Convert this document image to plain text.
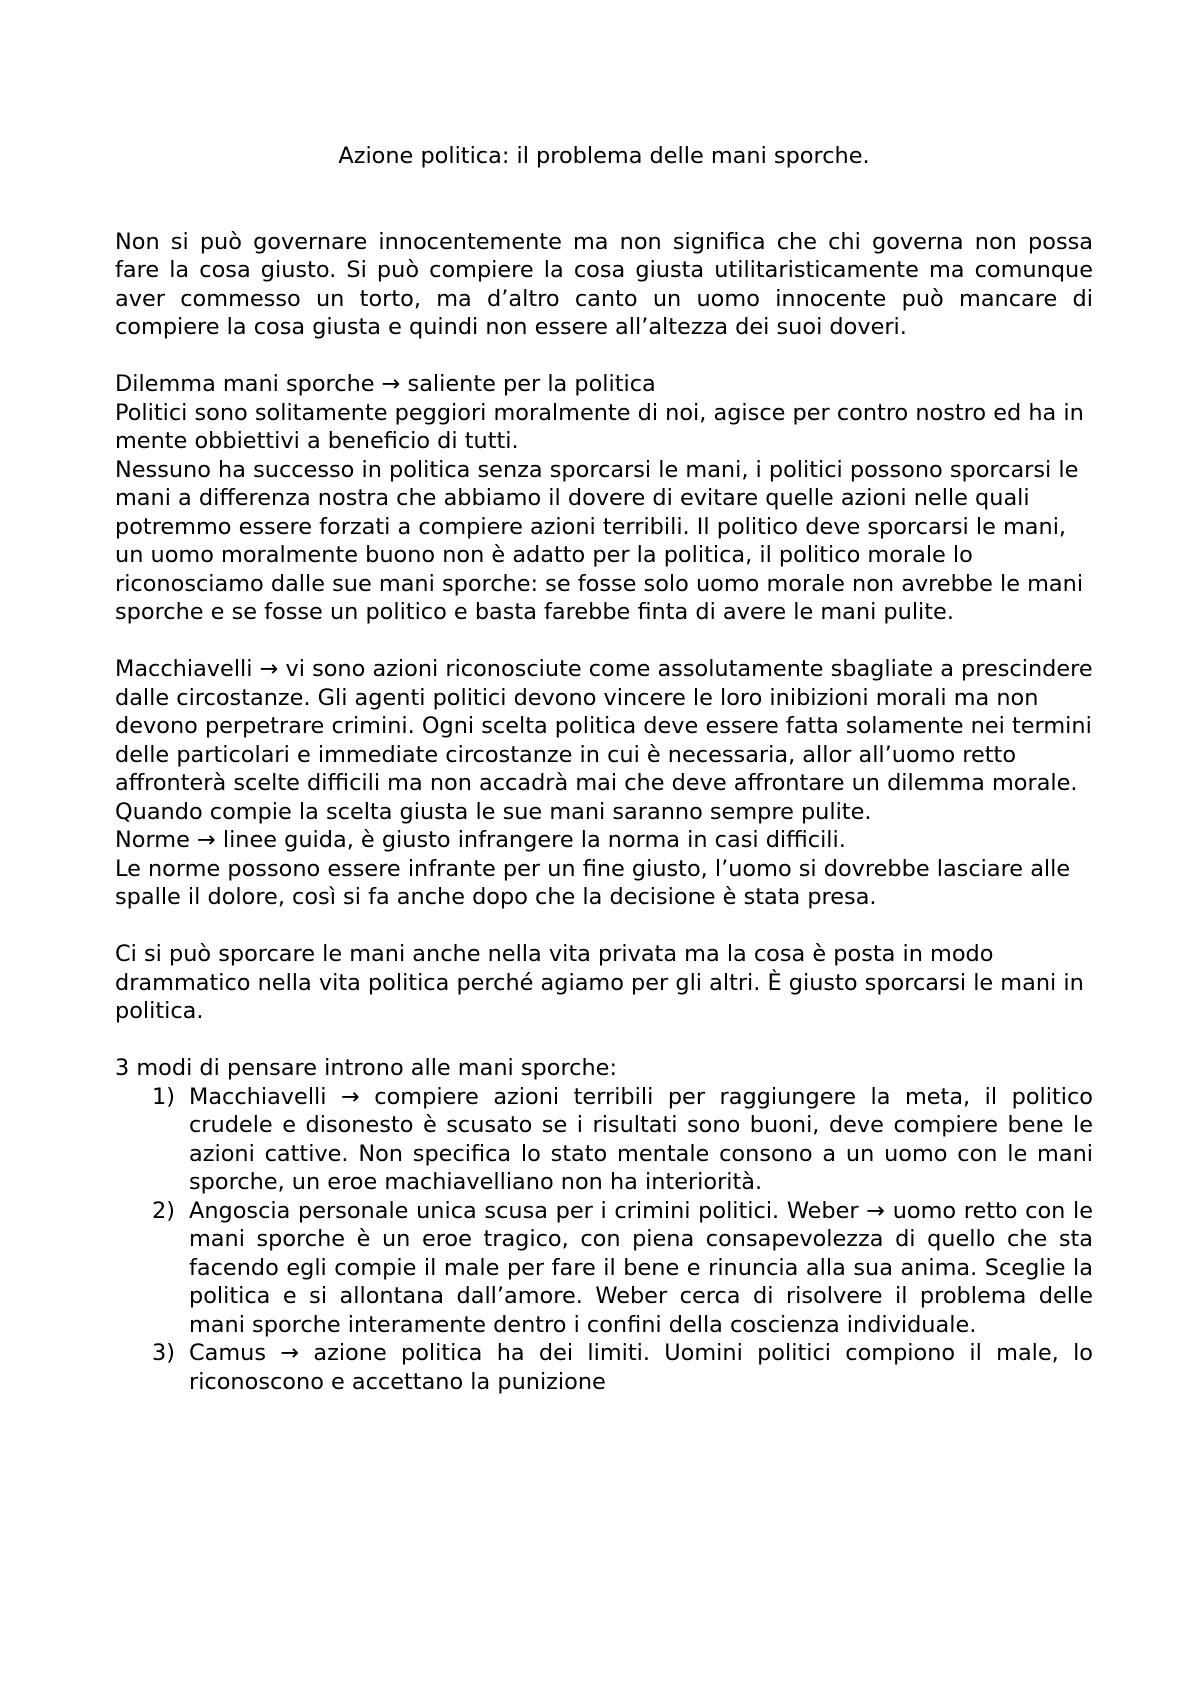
Azione politica: il problema delle mani sporche.

Non si può governare innocentemente ma non significa che chi governa non possa fare la cosa giusto. Si può compiere la cosa giusta utilitaristicamente ma comunque aver commesso un torto, ma d’altro canto un uomo innocente può mancare di compiere la cosa giusta e quindi non essere all’altezza dei suoi doveri.

Dilemma mani sporche → saliente per la politica

Politici sono solitamente peggiori moralmente di noi, agisce per contro nostro ed ha in mente obbiettivi a beneficio di tutti.

Nessuno ha successo in politica senza sporcarsi le mani, i politici possono sporcarsi le mani a differenza nostra che abbiamo il dovere di evitare quelle azioni nelle quali potremmo essere forzati a compiere azioni terribili. Il politico deve sporcarsi le mani, un uomo moralmente buono non è adatto per la politica, il politico morale lo riconosciamo dalle sue mani sporche: se fosse solo uomo morale non avrebbe le mani sporche e se fosse un politico e basta farebbe finta di avere le mani pulite.

Macchiavelli → vi sono azioni riconosciute come assolutamente sbagliate a prescindere dalle circostanze. Gli agenti politici devono vincere le loro inibizioni morali ma non devono perpetrare crimini. Ogni scelta politica deve essere fatta solamente nei termini delle particolari e immediate circostanze in cui è necessaria, allor all’uomo retto affronterà scelte difficili ma non accadrà mai che deve affrontare un dilemma morale. Quando compie la scelta giusta le sue mani saranno sempre pulite.

Norme → linee guida, è giusto infrangere la norma in casi difficili.

Le norme possono essere infrante per un fine giusto, l’uomo si dovrebbe lasciare alle spalle il dolore, così si fa anche dopo che la decisione è stata presa.

Ci si può sporcare le mani anche nella vita privata ma la cosa è posta in modo drammatico nella vita politica perché agiamo per gli altri. È giusto sporcarsi le mani in politica.

3 modi di pensare introno alle mani sporche:

1) Macchiavelli → compiere azioni terribili per raggiungere la meta, il politico crudele e disonesto è scusato se i risultati sono buoni, deve compiere bene le azioni cattive. Non specifica lo stato mentale consono a un uomo con le mani sporche, un eroe machiavelliano non ha interiorità.
2) Angoscia personale unica scusa per i crimini politici. Weber → uomo retto con le mani sporche è un eroe tragico, con piena consapevolezza di quello che sta facendo egli compie il male per fare il bene e rinuncia alla sua anima. Sceglie la politica e si allontana dall’amore. Weber cerca di risolvere il problema delle mani sporche interamente dentro i confini della coscienza individuale.
3) Camus → azione politica ha dei limiti. Uomini politici compiono il male, lo riconoscono e accettano la punizione
